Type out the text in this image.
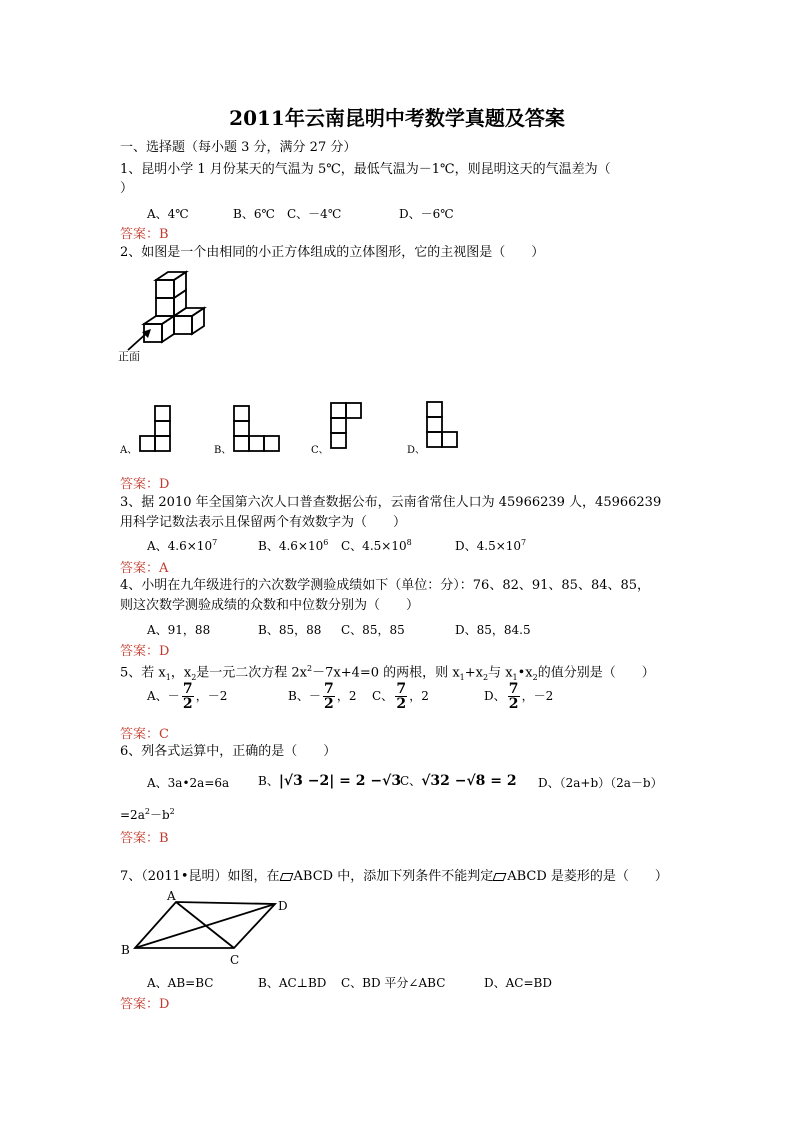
2011年云南昆明中考数学真题及答案
一、选择题（每小题 3 分，满分 27 分）
1、昆明小学 1 月份某天的气温为 5℃，最低气温为－1℃，则昆明这天的气温差为（
）
A、4℃	B、6℃ C、－4℃	D、－6℃
答案：B
2、如图是一个由相同的小正方体组成的立体图形，它的主视图是（　　）
正面
A、	B、	C、	D、
答案：D
3、据 2010 年全国第六次人口普查数据公布，云南省常住人口为 45966239 人，45966239
用科学记数法表示且保留两个有效数字为（　　）
A、$4.6\times 10^7$	B、$4.6\times 10^6$ C、$4.5\times 10^8$	D、$4.5\times 10^7$
答案：A
4、小明在九年级进行的六次数学测验成绩如下（单位：分）：76、82、91、85、84、85，
则这次数学测验成绩的众数和中位数分别为（　　）
A、91，88	B、85，88 C、85，85	D、85，84.5
答案：D
5、若 $x_1$，$x_2$是一元二次方程 $2x^2-7x+4=0$ 的两根，则 $x_1+x_2$与 $x_1•x_2$的值分别是（　　）
A、－ $\frac{7}{2}$ ，－2	B、－ $\frac{7}{2}$ ，2 C、 $\frac{7}{2}$ ，2	D、 $\frac{7}{2}$ ，－2
答案：C
6、列各式运算中，正确的是（　　）
A、3a•2a=6a B、|√3 −2| = 2 −√3
C、√32 −√8 = 2 D、（2a+b）（2a－b）
$=2a^2-b^2$
答案：B
7、（2011•昆明）如图，在 ABCD 中，添加下列条件不能判定 ABCD 是菱形的是（　　）
A
B
C
D
A、AB=BC	B、AC⊥BD C、BD 平分∠ABC	D、AC=BD
答案：D
